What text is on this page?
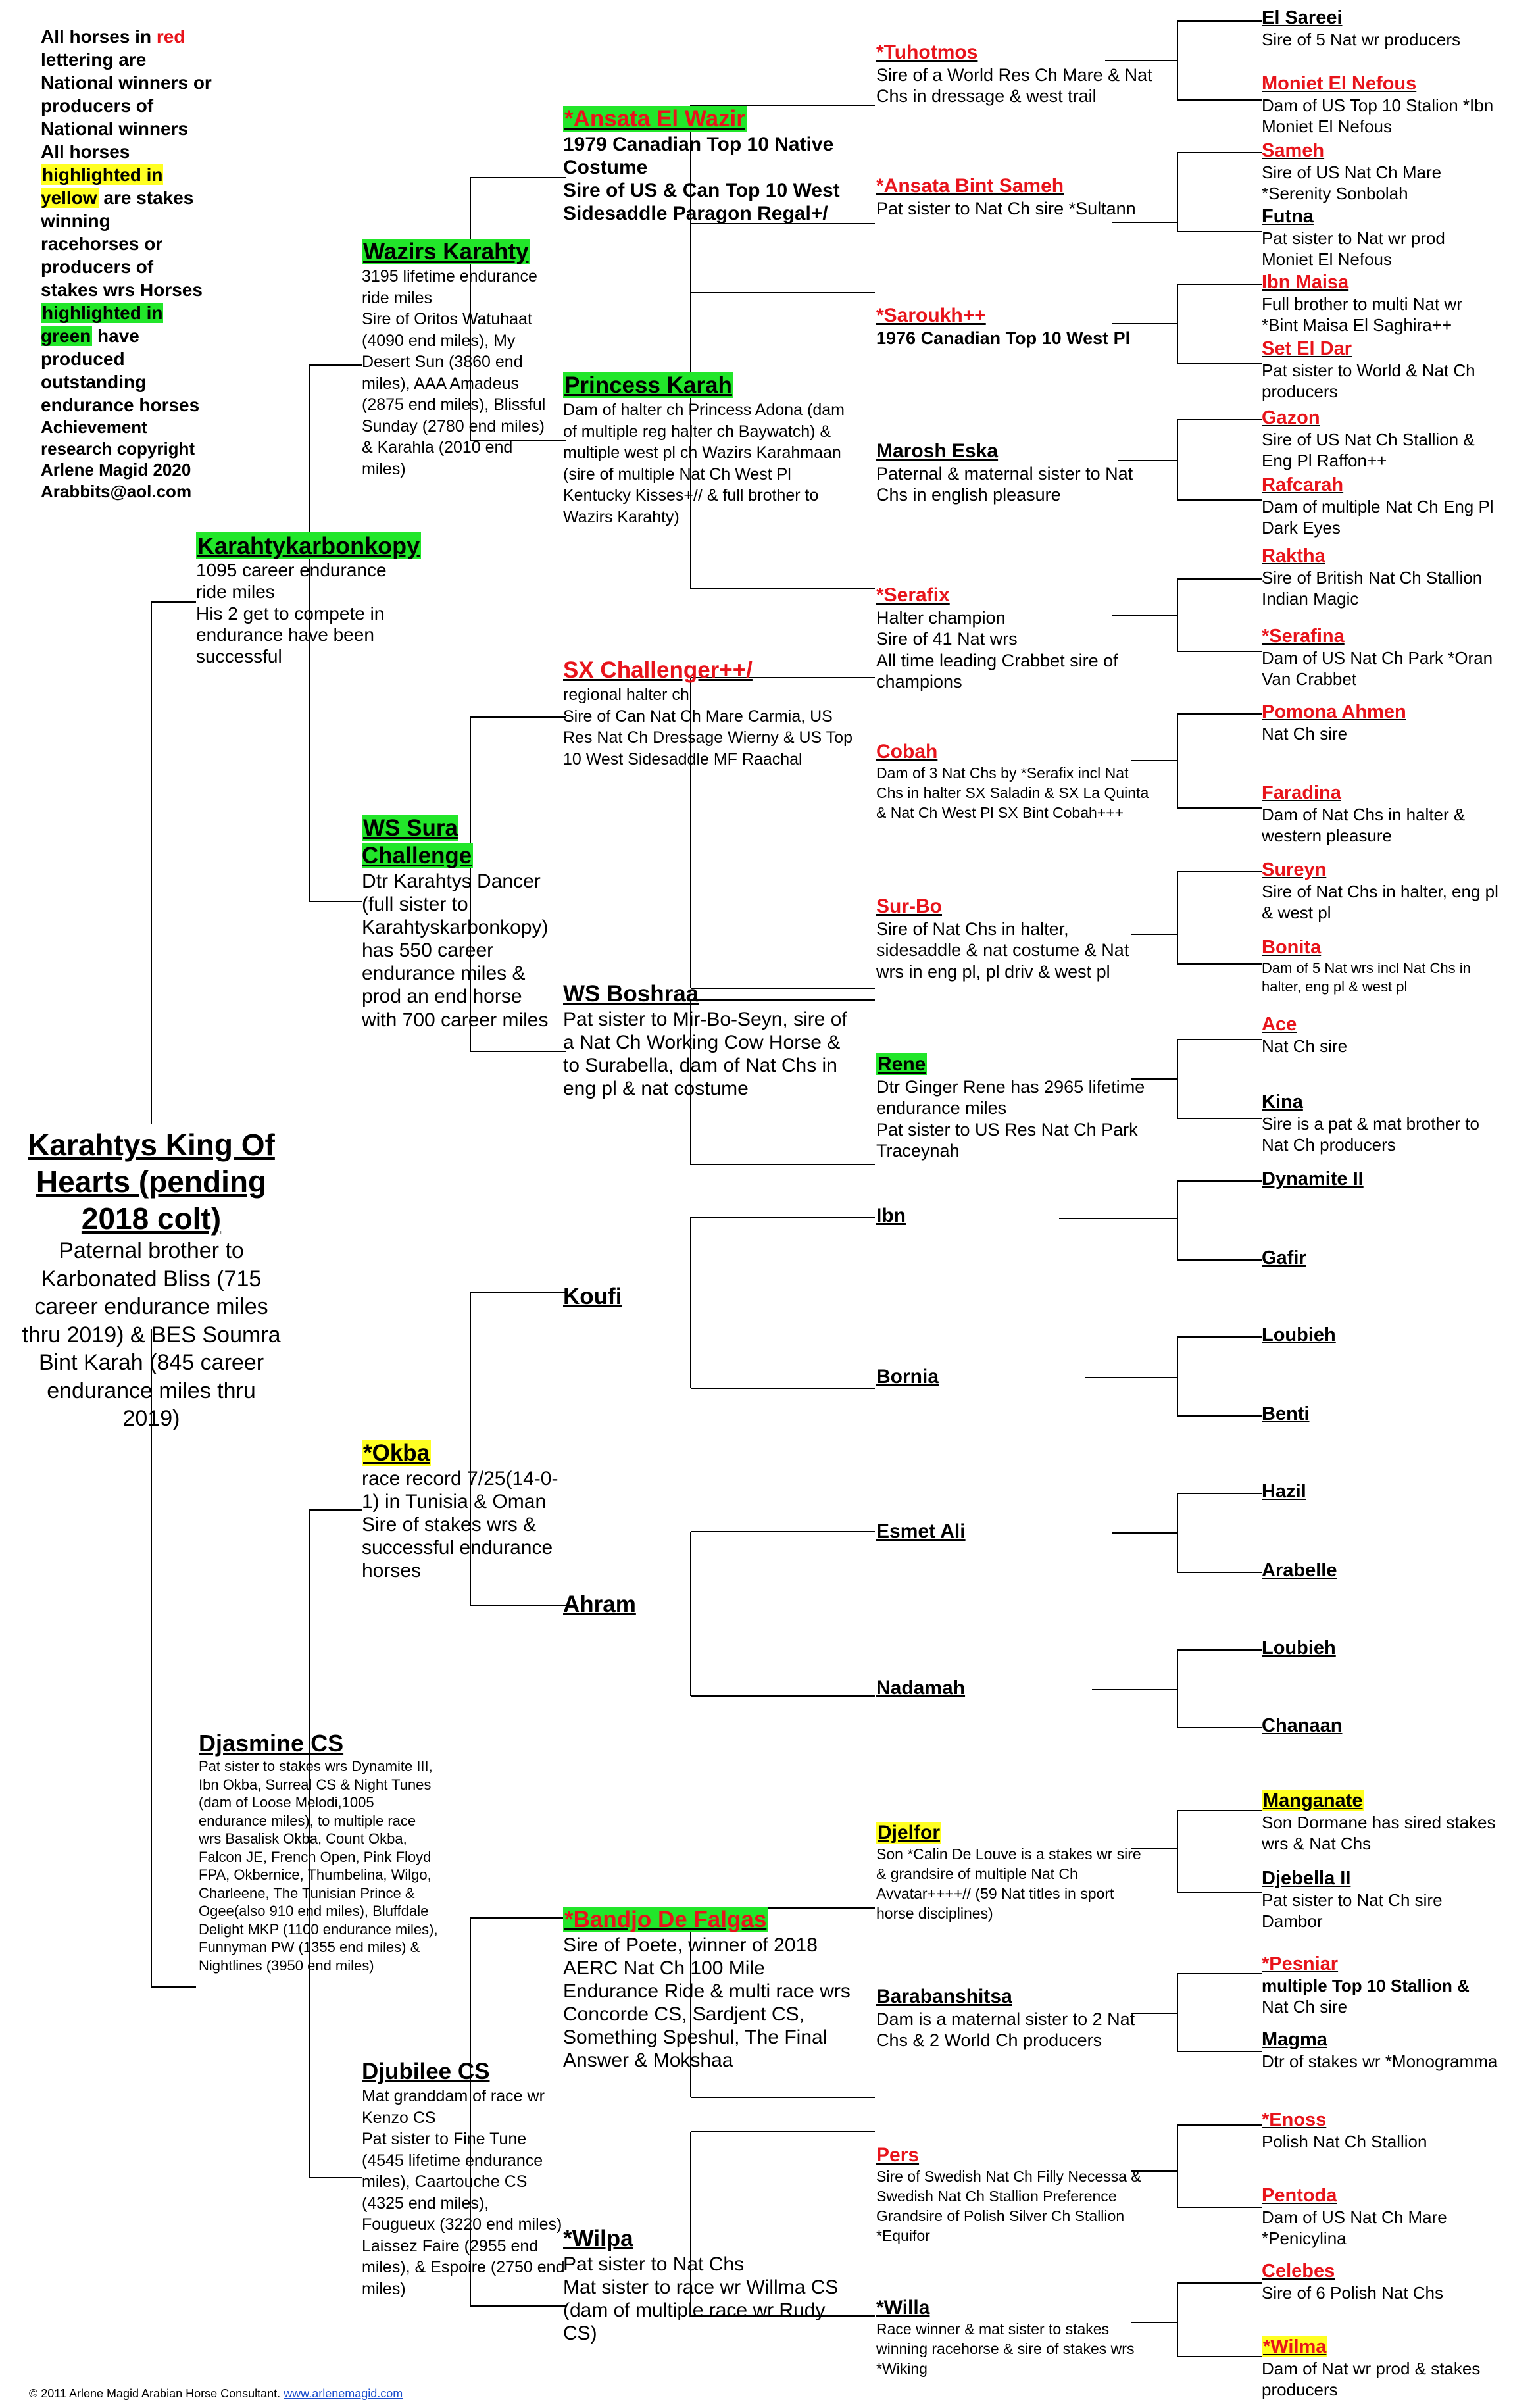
All horses in red lettering are National winners or producers of National winners All horses highlighted in yellow are stakes winning racehorses or producers of stakes wrs Horses highlighted in green have produced outstanding endurance horses
Achievement research copyright Arlene Magid 2020
Arabbits@aol.com
Karahtys King Of Hearts (pending 2018 colt)
Paternal brother to Karbonated Bliss (715 career endurance miles thru 2019) & BES Soumra Bint Karah (845 career endurance miles thru 2019)
Karahtykarbonkopy
1095 career endurance ride miles
His 2 get to compete in endurance have been successful
Djasmine CS
Pat sister to stakes wrs Dynamite III, Ibn Okba, Surreal CS & Night Tunes (dam of Loose Melodi,1005 endurance miles), to multiple race wrs Basalisk Okba, Count Okba, Falcon JE, French Open, Pink Floyd FPA, Okbernice, Thumbelina, Wilgo, Charleene, The Tunisian Prince & Ogee(also 910 end miles), Bluffdale Delight MKP (1100 endurance miles), Funnyman PW (1355 end miles) & Nightlines (3950 end miles)
Wazirs Karahty
3195 lifetime endurance ride miles
Sire of Oritos Watuhaat (4090 end miles), My Desert Sun (3860 end miles), AAA Amadeus (2875 end miles), Blissful Sunday (2780 end miles) & Karahla (2010 end miles)
WS Sura Challenge
Dtr Karahtys Dancer (full sister to Karahtyskarbonkopy) has 550 career endurance miles & prod an end horse with 700 career miles
*Okba
race record 7/25(14-0-1) in Tunisia & Oman
Sire of stakes wrs & successful endurance horses
Djubilee CS
Mat granddam of race wr Kenzo CS
Pat sister to Fine Tune (4545 lifetime endurance miles), Caartouche CS (4325 end miles), Fougueux (3220 end miles) Laissez Faire (2955 end miles), & Espoire (2750 end miles)
*Ansata El Wazir
1979 Canadian Top 10 Native Costume
Sire of US & Can Top 10 West Sidesaddle Paragon Regal+/
Princess Karah
Dam of halter ch Princess Adona (dam of multiple reg halter ch Baywatch) & multiple west pl ch Wazirs Karahmaan (sire of multiple Nat Ch West Pl Kentucky Kisses+// & full brother to Wazirs Karahty)
SX Challenger++/
regional halter ch
Sire of Can Nat Ch Mare Carmia, US Res Nat Ch Dressage Wierny & US Top 10 West Sidesaddle MF Raachal
WS Boshraa
Pat sister to Mir-Bo-Seyn, sire of a Nat Ch Working Cow Horse & to Surabella, dam of Nat Chs in eng pl & nat costume
Koufi
Ahram
*Bandjo De Falgas
Sire of Poete, winner of 2018 AERC Nat Ch 100 Mile Endurance Ride & multi race wrs Concorde CS, Sardjent CS, Something Speshul, The Final Answer & Mokshaa
*Wilpa
Pat sister to Nat Chs
Mat sister to race wr Willma CS (dam of multiple race wr Rudy CS)
*Tuhotmos
Sire of a World Res Ch Mare & Nat Chs in dressage & west trail
*Ansata Bint Sameh
Pat sister to Nat Ch sire *Sultann
*Saroukh++
1976 Canadian Top 10 West Pl
Marosh Eska
Paternal & maternal sister to Nat Chs in english pleasure
*Serafix
Halter champion
Sire of 41 Nat wrs
All time leading Crabbet sire of champions
Cobah
Dam of 3 Nat Chs by *Serafix incl Nat Chs in halter SX Saladin & SX La Quinta & Nat Ch West Pl SX Bint Cobah+++
Sur-Bo
Sire of Nat Chs in halter, sidesaddle & nat costume & Nat wrs in eng pl, pl driv & west pl
Rene
Dtr Ginger Rene has 2965 lifetime endurance miles
Pat sister to US Res Nat Ch Park Traceynah
Ibn
Bornia
Esmet Ali
Nadamah
Djelfor
Son *Calin De Louve is a stakes wr sire & grandsire of multiple Nat Ch Avvatar++++// (59 Nat titles in sport horse disciplines)
Barabanshitsa
Dam is a maternal sister to 2 Nat Chs & 2 World Ch producers
Pers
Sire of Swedish Nat Ch Filly Necessa & Swedish Nat Ch Stallion Preference Grandsire of Polish Silver Ch Stallion *Equifor
*Willa
Race winner & mat sister to stakes winning racehorse & sire of stakes wrs *Wiking
El Sareei
Sire of 5 Nat wr producers
Moniet El Nefous
Dam of US Top 10 Stalion *Ibn Moniet El Nefous
Sameh
Sire of US Nat Ch Mare *Serenity Sonbolah
Futna
Pat sister to Nat wr prod Moniet El Nefous
Ibn Maisa
Full brother to multi Nat wr *Bint Maisa El Saghira++
Set El Dar
Pat sister to World & Nat Ch producers
Gazon
Sire of US Nat Ch Stallion & Eng Pl Raffon++
Rafcarah
Dam of multiple Nat Ch Eng Pl Dark Eyes
Raktha
Sire of British Nat Ch Stallion Indian Magic
*Serafina
Dam of US Nat Ch Park *Oran Van Crabbet
Pomona Ahmen
Nat Ch sire
Faradina
Dam of Nat Chs in halter & western pleasure
Sureyn
Sire of Nat Chs in halter, eng pl & west pl
Bonita
Dam of 5 Nat wrs incl Nat Chs in halter, eng pl & west pl
Ace
Nat Ch sire
Kina
Sire is a pat & mat brother to Nat Ch producers
Dynamite II
Gafir
Loubieh
Benti
Hazil
Arabelle
Loubieh
Chanaan
Manganate
Son Dormane has sired stakes wrs & Nat Chs
Djebella II
Pat sister to Nat Ch sire Dambor
*Pesniar
multiple Top 10 Stallion &
Nat Ch sire
Magma
Dtr of stakes wr *Monogramma
*Enoss
Polish Nat Ch Stallion
Pentoda
Dam of US Nat Ch Mare *Penicylina
Celebes
Sire of 6 Polish Nat Chs
*Wilma
Dam of Nat wr prod & stakes producers
© 2011 Arlene Magid Arabian Horse Consultant. www.arlenemagid.com
